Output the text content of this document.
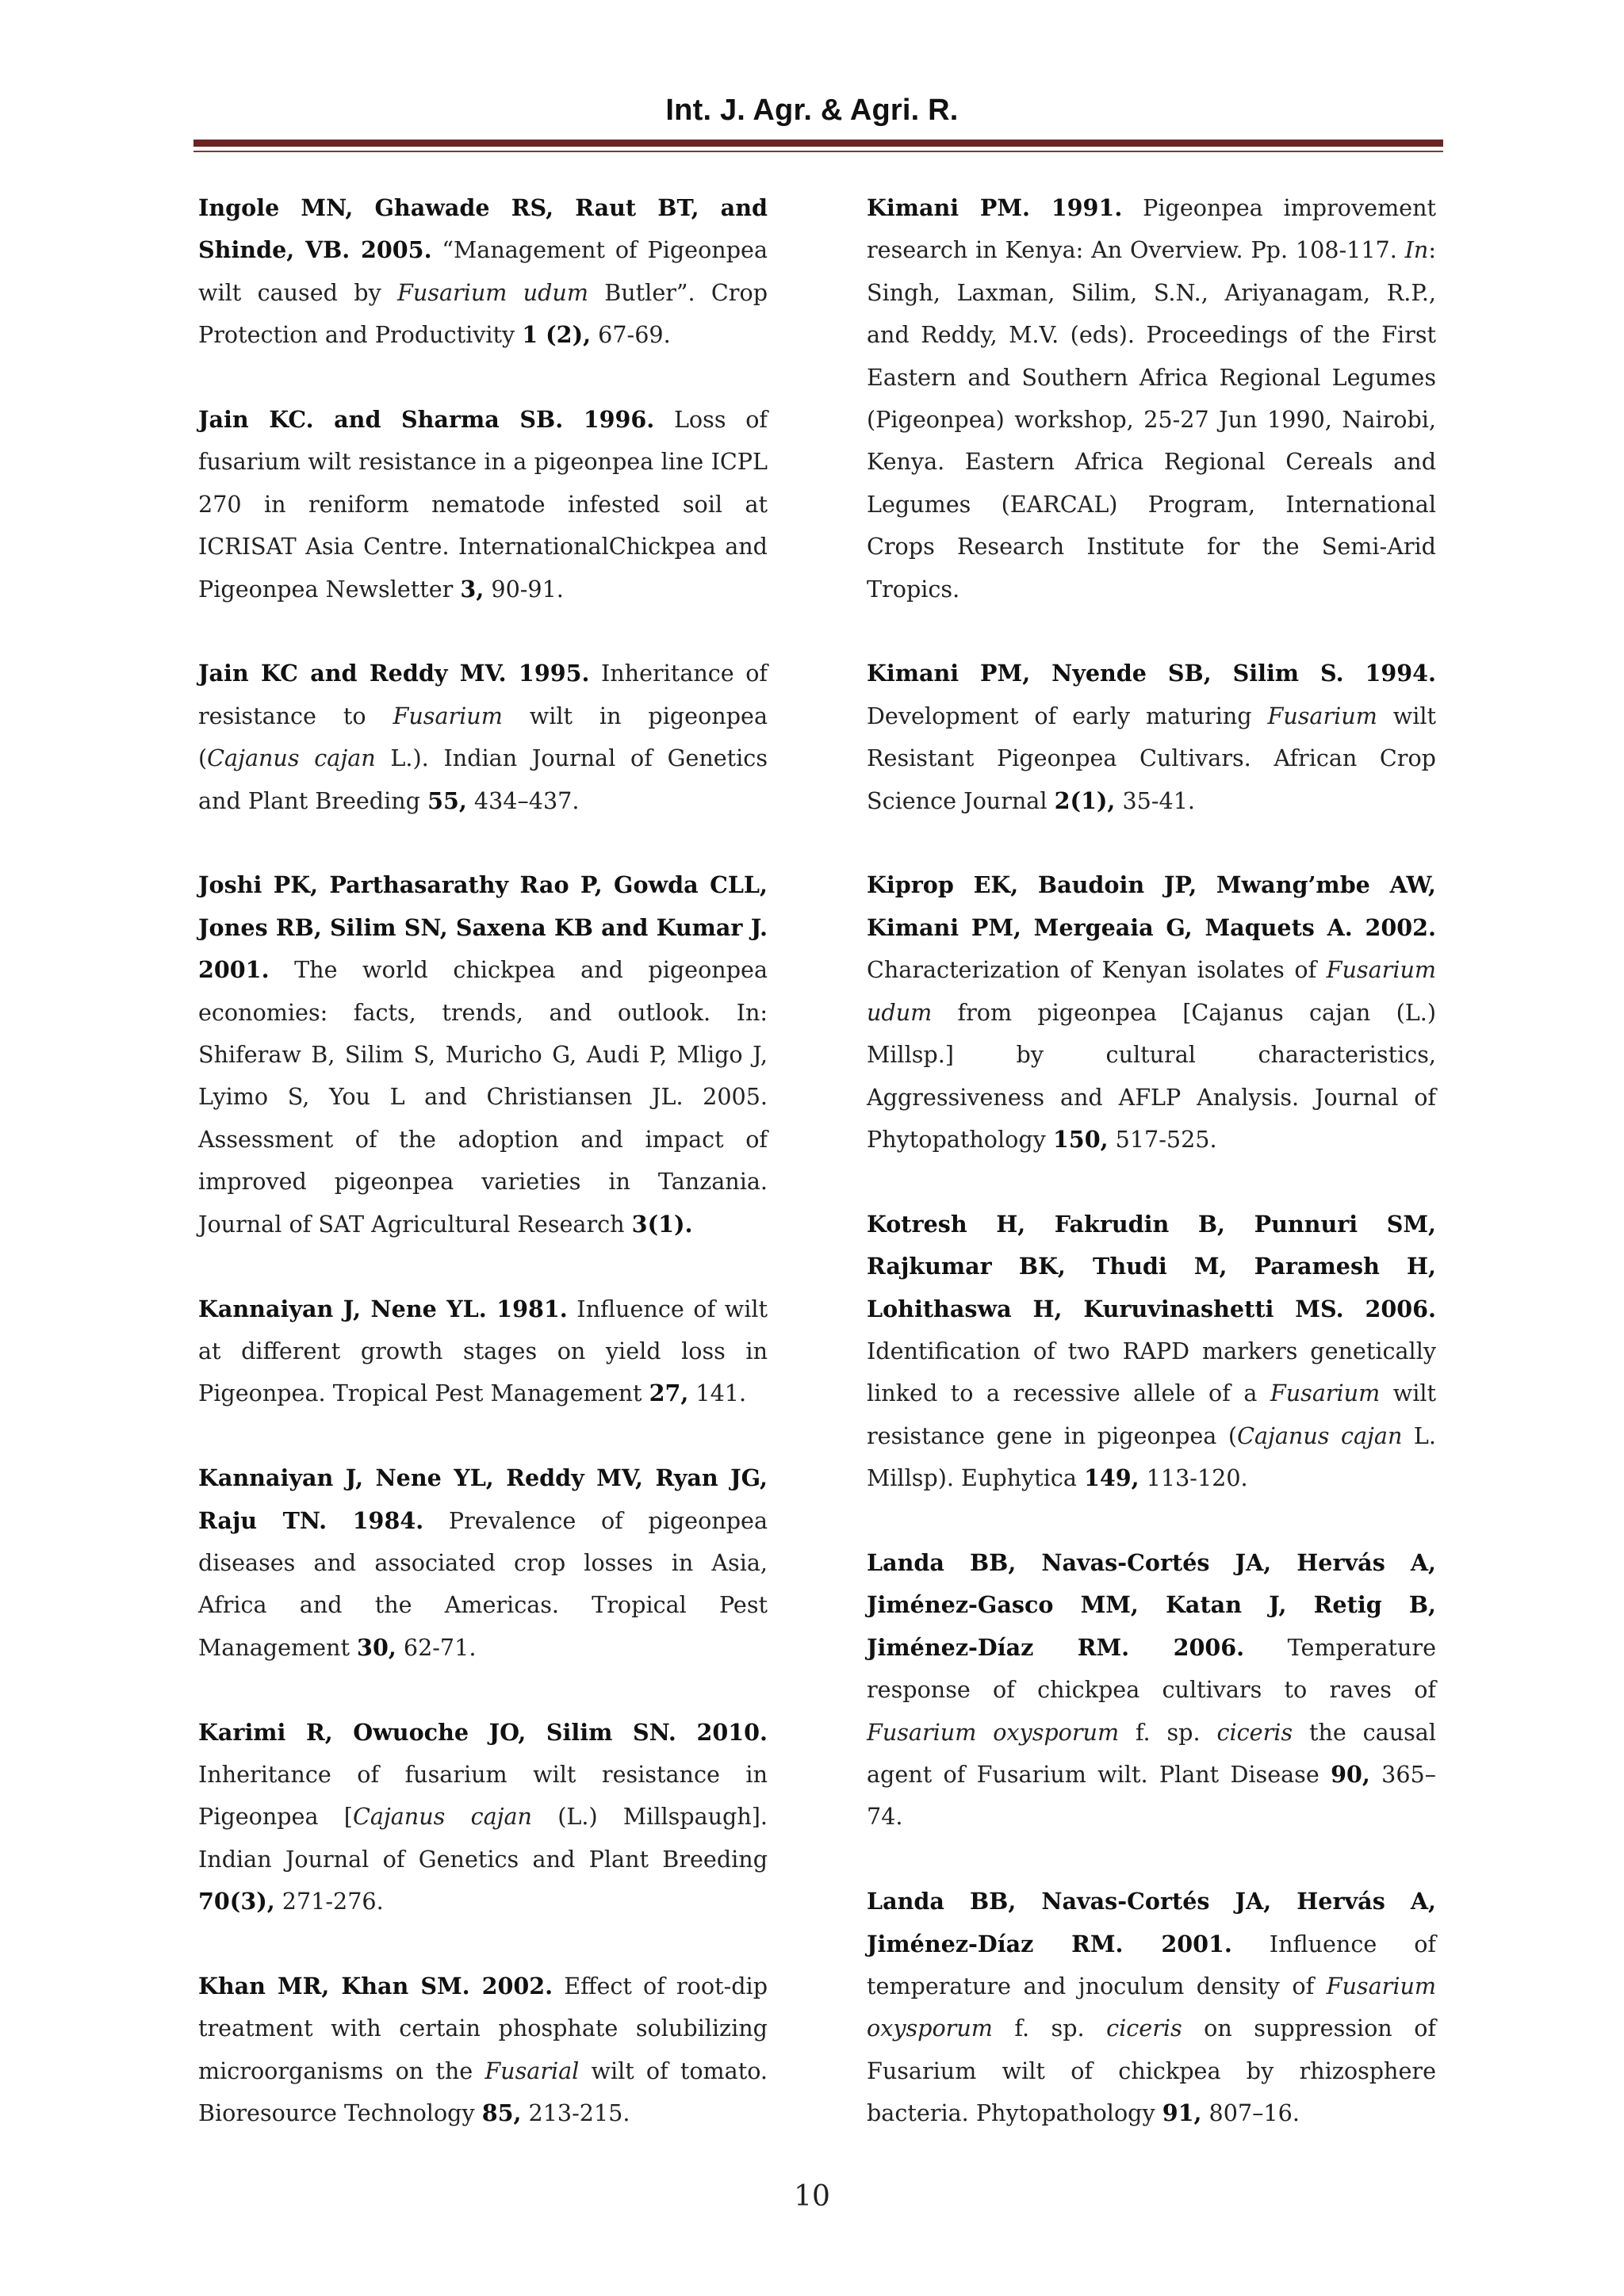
Int. J. Agr. & Agri. R.

Ingole MN, Ghawade RS, Raut BT, and Shinde, VB. 2005. “Management of Pigeonpea wilt caused by Fusarium udum Butler”. Crop Protection and Productivity 1 (2), 67-69.

Jain KC. and Sharma SB. 1996. Loss of fusarium wilt resistance in a pigeonpea line ICPL 270 in reniform nematode infested soil at ICRISAT Asia Centre. InternationalChickpea and Pigeonpea Newsletter 3, 90-91.

Jain KC and Reddy MV. 1995. Inheritance of resistance to Fusarium wilt in pigeonpea (Cajanus cajan L.). Indian Journal of Genetics and Plant Breeding 55, 434–437.

Joshi PK, Parthasarathy Rao P, Gowda CLL, Jones RB, Silim SN, Saxena KB and Kumar J. 2001. The world chickpea and pigeonpea economies: facts, trends, and outlook. In: Shiferaw B, Silim S, Muricho G, Audi P, Mligo J, Lyimo S, You L and Christiansen JL. 2005. Assessment of the adoption and impact of improved pigeonpea varieties in Tanzania. Journal of SAT Agricultural Research 3(1).

Kannaiyan J, Nene YL. 1981. Influence of wilt at different growth stages on yield loss in Pigeonpea. Tropical Pest Management 27, 141.

Kannaiyan J, Nene YL, Reddy MV, Ryan JG, Raju TN. 1984. Prevalence of pigeonpea diseases and associated crop losses in Asia, Africa and the Americas. Tropical Pest Management 30, 62-71.

Karimi R, Owuoche JO, Silim SN. 2010. Inheritance of fusarium wilt resistance in Pigeonpea [Cajanus cajan (L.) Millspaugh]. Indian Journal of Genetics and Plant Breeding 70(3), 271-276.

Khan MR, Khan SM. 2002. Effect of root-dip treatment with certain phosphate solubilizing microorganisms on the Fusarial wilt of tomato. Bioresource Technology 85, 213-215.

Kimani PM. 1991. Pigeonpea improvement research in Kenya: An Overview. Pp. 108-117. In: Singh, Laxman, Silim, S.N., Ariyanagam, R.P., and Reddy, M.V. (eds). Proceedings of the First Eastern and Southern Africa Regional Legumes (Pigeonpea) workshop, 25-27 Jun 1990, Nairobi, Kenya. Eastern Africa Regional Cereals and Legumes (EARCAL) Program, International Crops Research Institute for the Semi-Arid Tropics.

Kimani PM, Nyende SB, Silim S. 1994. Development of early maturing Fusarium wilt Resistant Pigeonpea Cultivars. African Crop Science Journal 2(1), 35-41.

Kiprop EK, Baudoin JP, Mwang’mbe AW, Kimani PM, Mergeaia G, Maquets A. 2002. Characterization of Kenyan isolates of Fusarium udum from pigeonpea [Cajanus cajan (L.) Millsp.] by cultural characteristics, Aggressiveness and AFLP Analysis. Journal of Phytopathology 150, 517-525.

Kotresh H, Fakrudin B, Punnuri SM, Rajkumar BK, Thudi M, Paramesh H, Lohithaswa H, Kuruvinashetti MS. 2006. Identification of two RAPD markers genetically linked to a recessive allele of a Fusarium wilt resistance gene in pigeonpea (Cajanus cajan L. Millsp). Euphytica 149, 113-120.

Landa BB, Navas-Cortés JA, Hervás A, Jiménez-Gasco MM, Katan J, Retig B, Jiménez-Díaz RM. 2006. Temperature response of chickpea cultivars to raves of Fusarium oxysporum f. sp. ciceris the causal agent of Fusarium wilt. Plant Disease 90, 365–74.

Landa BB, Navas-Cortés JA, Hervás A, Jiménez-Díaz RM. 2001. Influence of temperature and jnoculum density of Fusarium oxysporum f. sp. ciceris on suppression of Fusarium wilt of chickpea by rhizosphere bacteria. Phytopathology 91, 807–16.

10
